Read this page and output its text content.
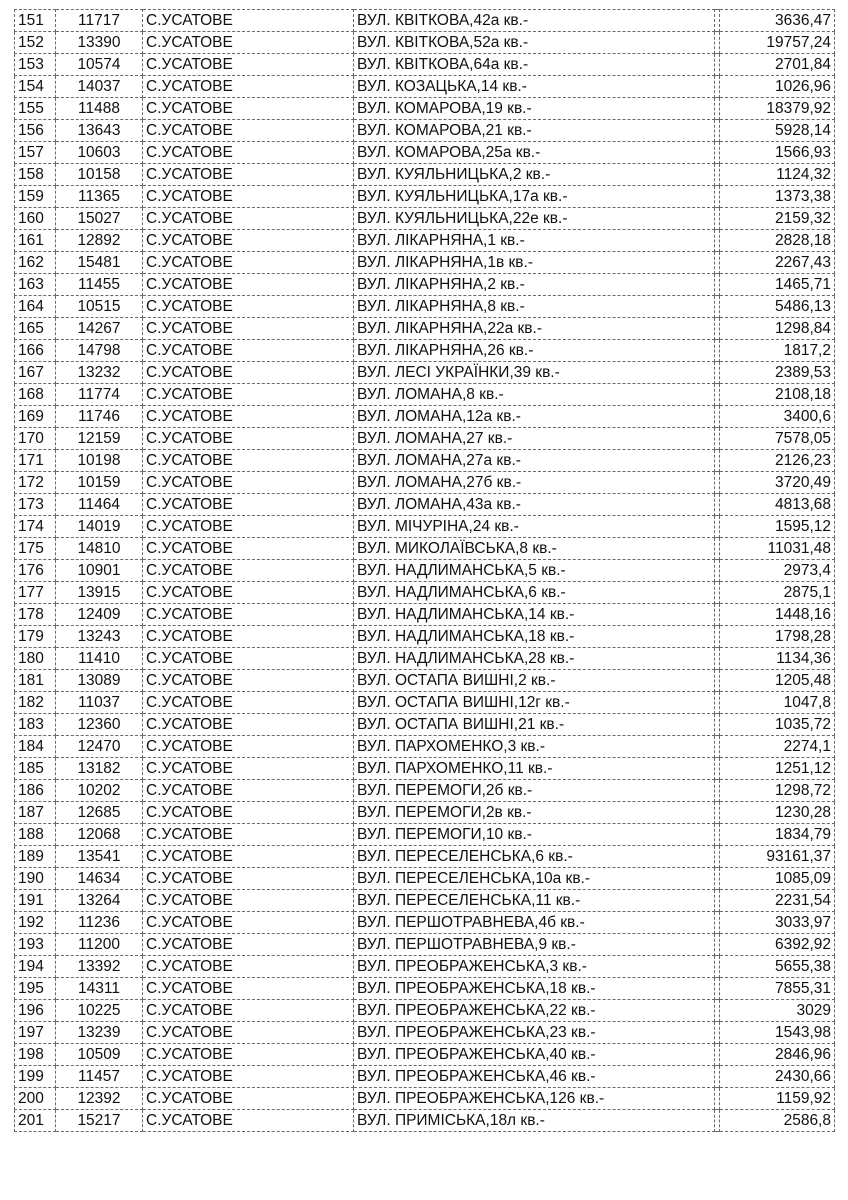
151	11717	С.УСАТОВЕ	ВУЛ. КВІТКОВА,42а кв.-		3636,47
152	13390	С.УСАТОВЕ	ВУЛ. КВІТКОВА,52а кв.-		19757,24
153	10574	С.УСАТОВЕ	ВУЛ. КВІТКОВА,64а кв.-		2701,84
154	14037	С.УСАТОВЕ	ВУЛ. КОЗАЦЬКА,14 кв.-		1026,96
155	11488	С.УСАТОВЕ	ВУЛ. КОМАРОВА,19 кв.-		18379,92
156	13643	С.УСАТОВЕ	ВУЛ. КОМАРОВА,21 кв.-		5928,14
157	10603	С.УСАТОВЕ	ВУЛ. КОМАРОВА,25а кв.-		1566,93
158	10158	С.УСАТОВЕ	ВУЛ. КУЯЛЬНИЦЬКА,2 кв.-		1124,32
159	11365	С.УСАТОВЕ	ВУЛ. КУЯЛЬНИЦЬКА,17а кв.-		1373,38
160	15027	С.УСАТОВЕ	ВУЛ. КУЯЛЬНИЦЬКА,22е кв.-		2159,32
161	12892	С.УСАТОВЕ	ВУЛ. ЛІКАРНЯНА,1 кв.-		2828,18
162	15481	С.УСАТОВЕ	ВУЛ. ЛІКАРНЯНА,1в кв.-		2267,43
163	11455	С.УСАТОВЕ	ВУЛ. ЛІКАРНЯНА,2 кв.-		1465,71
164	10515	С.УСАТОВЕ	ВУЛ. ЛІКАРНЯНА,8 кв.-		5486,13
165	14267	С.УСАТОВЕ	ВУЛ. ЛІКАРНЯНА,22а кв.-		1298,84
166	14798	С.УСАТОВЕ	ВУЛ. ЛІКАРНЯНА,26 кв.-		1817,2
167	13232	С.УСАТОВЕ	ВУЛ. ЛЕСІ УКРАЇНКИ,39 кв.-		2389,53
168	11774	С.УСАТОВЕ	ВУЛ. ЛОМАНА,8 кв.-		2108,18
169	11746	С.УСАТОВЕ	ВУЛ. ЛОМАНА,12а кв.-		3400,6
170	12159	С.УСАТОВЕ	ВУЛ. ЛОМАНА,27 кв.-		7578,05
171	10198	С.УСАТОВЕ	ВУЛ. ЛОМАНА,27а кв.-		2126,23
172	10159	С.УСАТОВЕ	ВУЛ. ЛОМАНА,27б кв.-		3720,49
173	11464	С.УСАТОВЕ	ВУЛ. ЛОМАНА,43а кв.-		4813,68
174	14019	С.УСАТОВЕ	ВУЛ. МІЧУРІНА,24 кв.-		1595,12
175	14810	С.УСАТОВЕ	ВУЛ. МИКОЛАЇВСЬКА,8 кв.-		11031,48
176	10901	С.УСАТОВЕ	ВУЛ. НАДЛИМАНСЬКА,5 кв.-		2973,4
177	13915	С.УСАТОВЕ	ВУЛ. НАДЛИМАНСЬКА,6 кв.-		2875,1
178	12409	С.УСАТОВЕ	ВУЛ. НАДЛИМАНСЬКА,14 кв.-		1448,16
179	13243	С.УСАТОВЕ	ВУЛ. НАДЛИМАНСЬКА,18 кв.-		1798,28
180	11410	С.УСАТОВЕ	ВУЛ. НАДЛИМАНСЬКА,28 кв.-		1134,36
181	13089	С.УСАТОВЕ	ВУЛ. ОСТАПА ВИШНІ,2 кв.-		1205,48
182	11037	С.УСАТОВЕ	ВУЛ. ОСТАПА ВИШНІ,12г кв.-		1047,8
183	12360	С.УСАТОВЕ	ВУЛ. ОСТАПА ВИШНІ,21 кв.-		1035,72
184	12470	С.УСАТОВЕ	ВУЛ. ПАРХОМЕНКО,3 кв.-		2274,1
185	13182	С.УСАТОВЕ	ВУЛ. ПАРХОМЕНКО,11 кв.-		1251,12
186	10202	С.УСАТОВЕ	ВУЛ. ПЕРЕМОГИ,2б кв.-		1298,72
187	12685	С.УСАТОВЕ	ВУЛ. ПЕРЕМОГИ,2в кв.-		1230,28
188	12068	С.УСАТОВЕ	ВУЛ. ПЕРЕМОГИ,10 кв.-		1834,79
189	13541	С.УСАТОВЕ	ВУЛ. ПЕРЕСЕЛЕНСЬКА,6 кв.-		93161,37
190	14634	С.УСАТОВЕ	ВУЛ. ПЕРЕСЕЛЕНСЬКА,10а кв.-		1085,09
191	13264	С.УСАТОВЕ	ВУЛ. ПЕРЕСЕЛЕНСЬКА,11 кв.-		2231,54
192	11236	С.УСАТОВЕ	ВУЛ. ПЕРШОТРАВНЕВА,4б кв.-		3033,97
193	11200	С.УСАТОВЕ	ВУЛ. ПЕРШОТРАВНЕВА,9 кв.-		6392,92
194	13392	С.УСАТОВЕ	ВУЛ. ПРЕОБРАЖЕНСЬКА,3 кв.-		5655,38
195	14311	С.УСАТОВЕ	ВУЛ. ПРЕОБРАЖЕНСЬКА,18 кв.-		7855,31
196	10225	С.УСАТОВЕ	ВУЛ. ПРЕОБРАЖЕНСЬКА,22 кв.-		3029
197	13239	С.УСАТОВЕ	ВУЛ. ПРЕОБРАЖЕНСЬКА,23 кв.-		1543,98
198	10509	С.УСАТОВЕ	ВУЛ. ПРЕОБРАЖЕНСЬКА,40 кв.-		2846,96
199	11457	С.УСАТОВЕ	ВУЛ. ПРЕОБРАЖЕНСЬКА,46 кв.-		2430,66
200	12392	С.УСАТОВЕ	ВУЛ. ПРЕОБРАЖЕНСЬКА,126 кв.-		1159,92
201	15217	С.УСАТОВЕ	ВУЛ. ПРИМІСЬКА,18л кв.-		2586,8
